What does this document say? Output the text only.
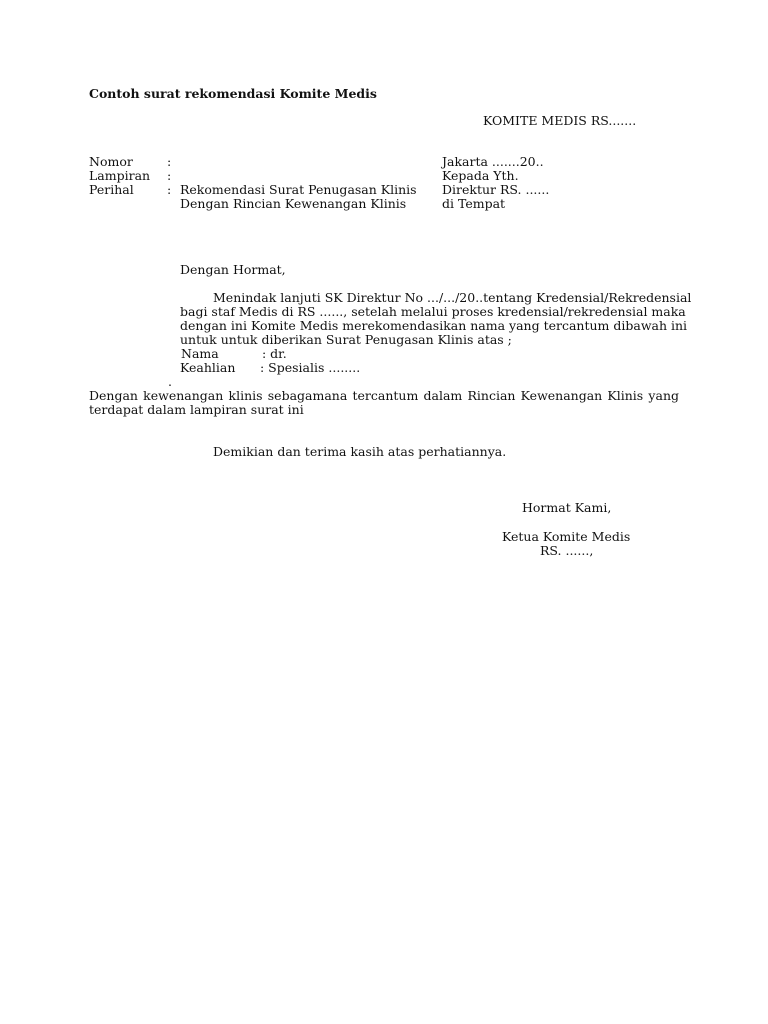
Contoh surat rekomendasi Komite Medis
KOMITE MEDIS RS.......
Nomor	:
Lampiran :
Perihal	: Rekomendasi Surat Penugasan Klinis
Dengan Rincian Kewenangan Klinis
Jakarta .......20..
Kepada Yth.
Direktur RS. ......
di Tempat
Dengan Hormat,
Menindak lanjuti SK Direktur No .../.../20..tentang Kredensial/Rekredensial
bagi staf Medis di RS ......, setelah melalui proses kredensial/rekredensial maka
dengan ini Komite Medis merekomendasikan nama yang tercantum dibawah ini
untuk untuk diberikan Surat Penugasan Klinis atas ;
Nama	: dr.
Keahlian : Spesialis ........
.
Dengan kewenangan klinis sebagamana tercantum dalam Rincian Kewenangan Klinis yang terdapat dalam lampiran surat ini
Demikian dan terima kasih atas perhatiannya.
Hormat Kami,
Ketua Komite Medis
RS. ......,
